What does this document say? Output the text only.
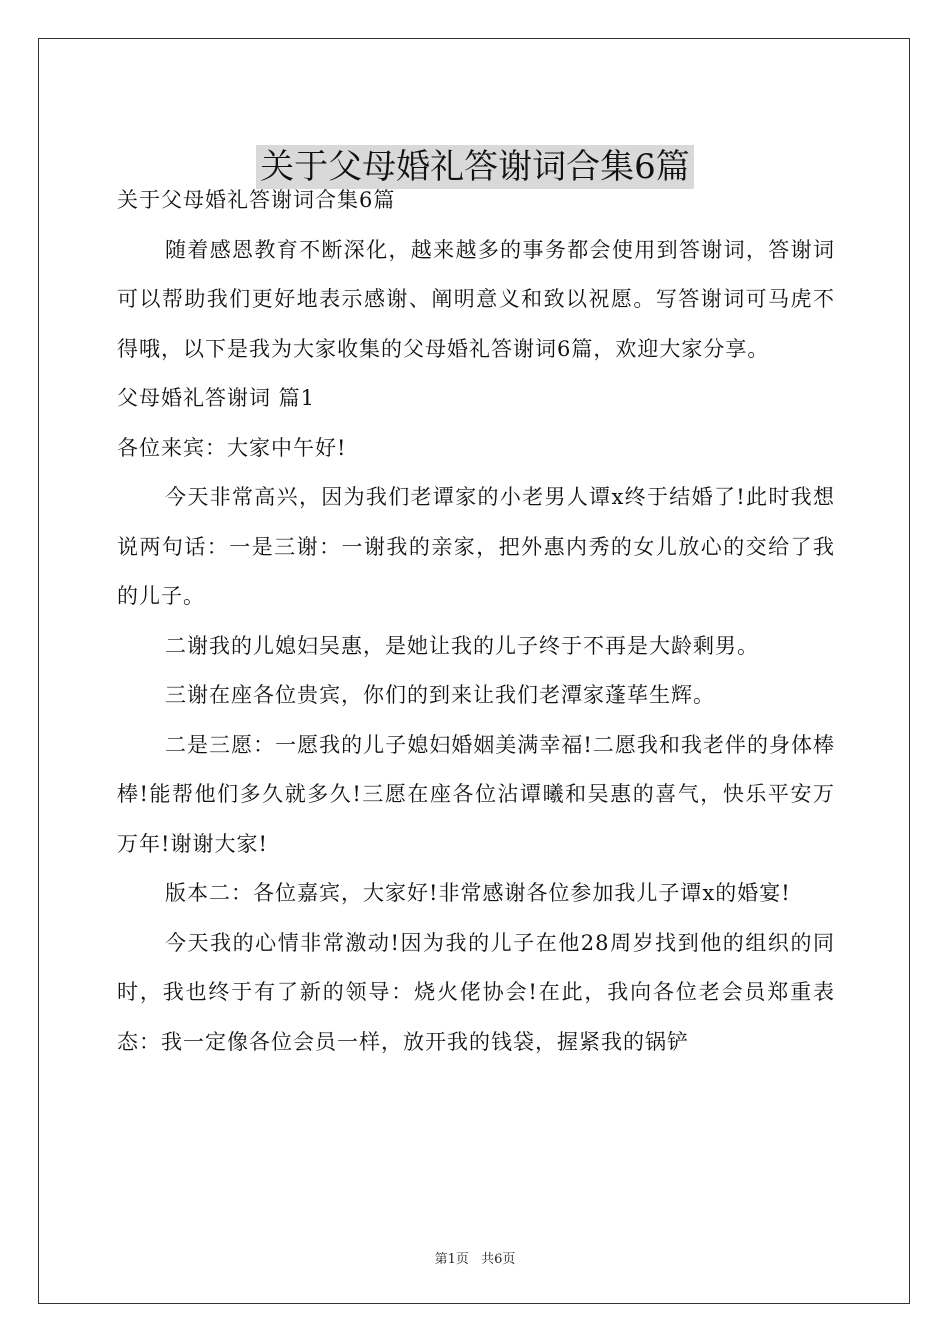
关于父母婚礼答谢词合集6篇

关于父母婚礼答谢词合集6篇

随着感恩教育不断深化，越来越多的事务都会使用到答谢词，答谢词可以帮助我们更好地表示感谢、阐明意义和致以祝愿。写答谢词可马虎不得哦，以下是我为大家收集的父母婚礼答谢词6篇，欢迎大家分享。

父母婚礼答谢词 篇1

各位来宾：大家中午好!

今天非常高兴，因为我们老谭家的小老男人谭x终于结婚了!此时我想说两句话：一是三谢：一谢我的亲家，把外惠内秀的女儿放心的交给了我的儿子。

二谢我的儿媳妇吴惠，是她让我的儿子终于不再是大龄剩男。

三谢在座各位贵宾，你们的到来让我们老潭家蓬荜生辉。

二是三愿：一愿我的儿子媳妇婚姻美满幸福!二愿我和我老伴的身体棒棒!能帮他们多久就多久!三愿在座各位沾谭曦和吴惠的喜气，快乐平安万万年!谢谢大家!

版本二：各位嘉宾，大家好!非常感谢各位参加我儿子谭x的婚宴!

今天我的心情非常激动!因为我的儿子在他28周岁找到他的组织的同时，我也终于有了新的领导：烧火佬协会!在此，我向各位老会员郑重表态：我一定像各位会员一样，放开我的钱袋，握紧我的锅铲

第1页 共6页
